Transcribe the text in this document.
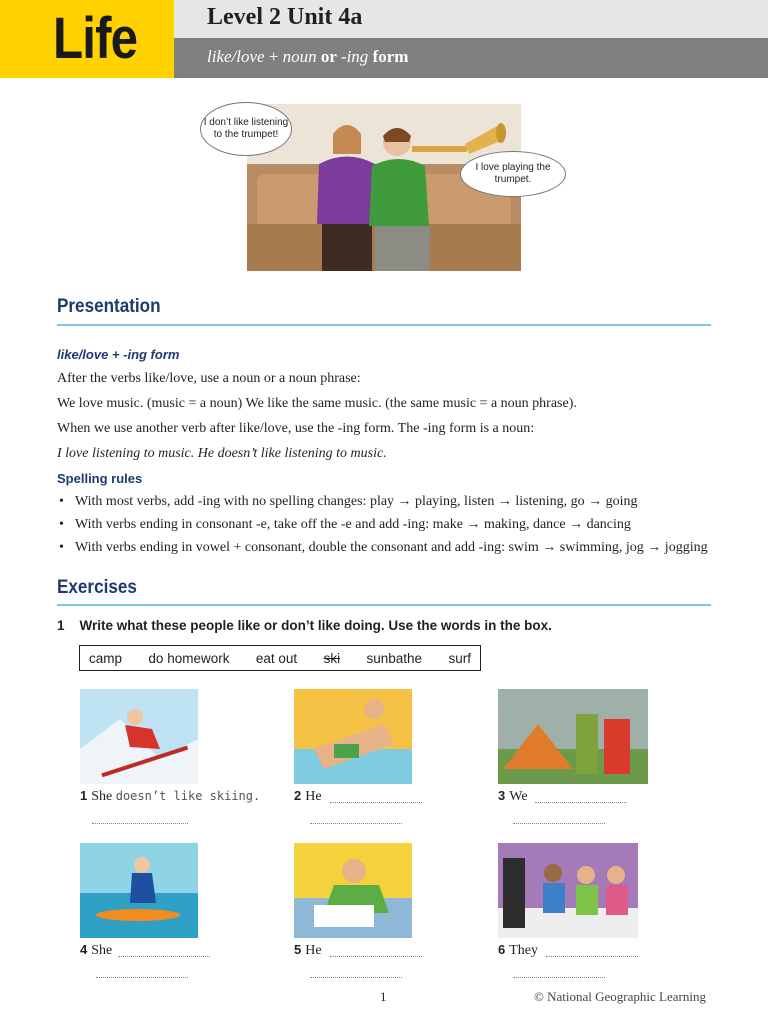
Life	Level 2 Unit 4a
like/love + noun or -ing form
I don’t like listening to the trumpet!
I love playing the trumpet.
Presentation
like/love + -ing form
After the verbs like/love, use a noun or a noun phrase:
We love music. (music = a noun) We like the same music. (the same music = a noun phrase).
When we use another verb after like/love, use the -ing form. The -ing form is a noun:
I love listening to music. He doesn’t like listening to music.
Spelling rules
• With most verbs, add -ing with no spelling changes: play → playing, listen → listening, go → going
• With verbs ending in consonant -e, take off the -e and add -ing: make → making, dance → dancing
• With verbs ending in vowel + consonant, double the consonant and add -ing: swim → swimming, jog → jogging
Exercises
1 Write what these people like or don’t like doing. Use the words in the box.
camp do homework eat out ski sunbathe surf
1 She doesn’t like skiing.	2 He	3 We
4 She	5 He	6 They
1	© National Geographic Learning
